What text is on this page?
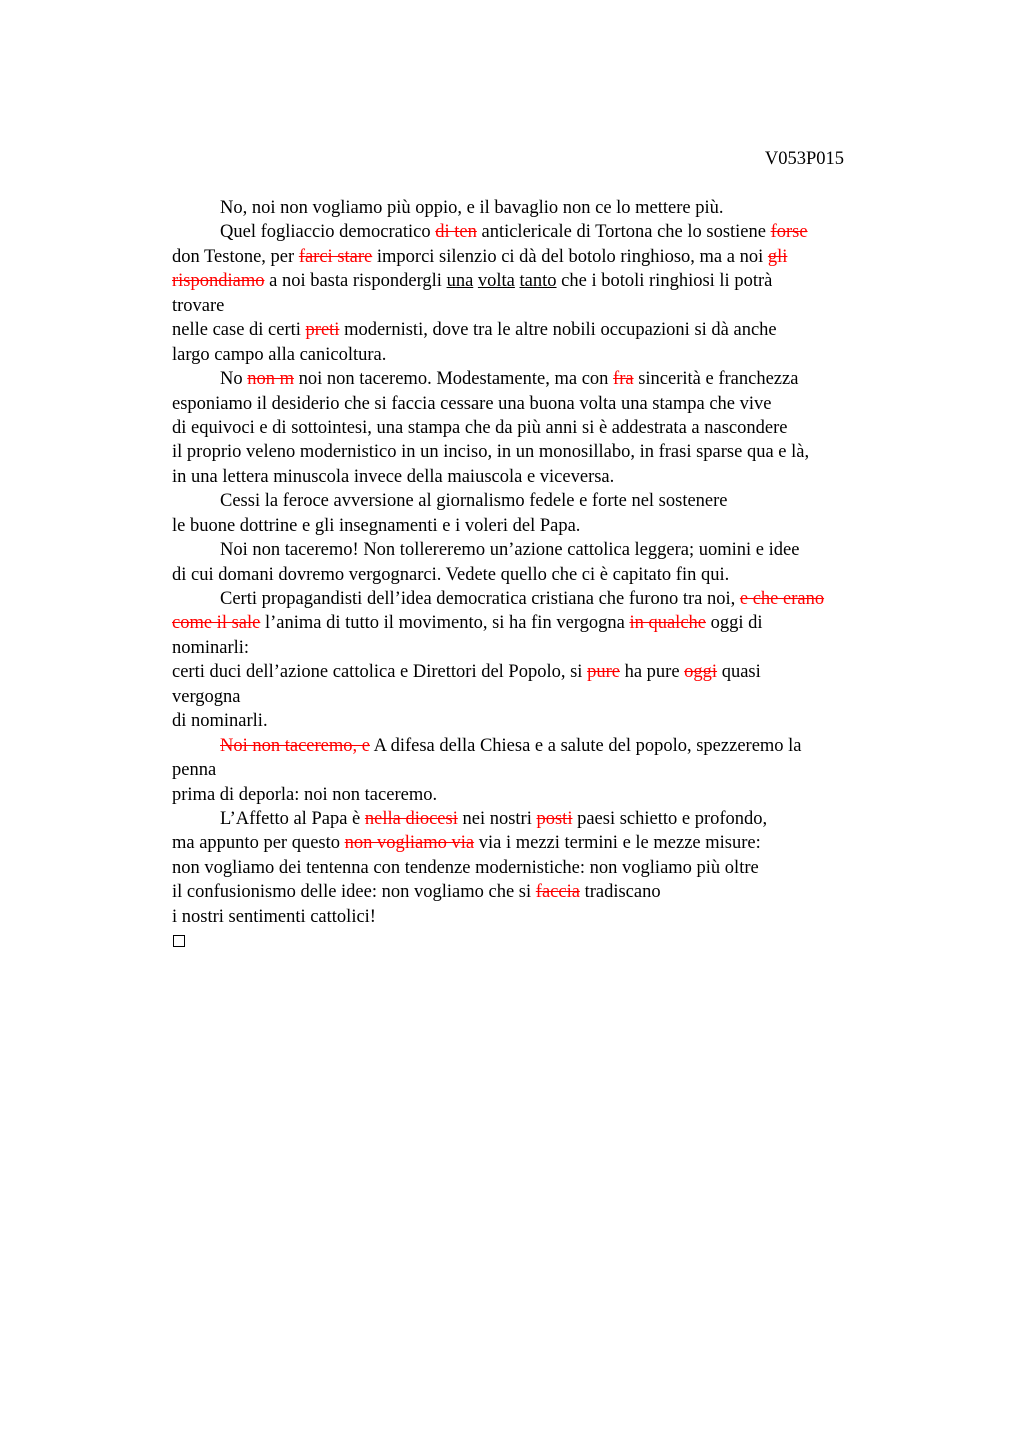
V053P015
No, noi non vogliamo più oppio, e il bavaglio non ce lo mettere più.
Quel fogliaccio democratico di ten anticlericale di Tortona che lo sostiene forse
don Testone, per farci stare imporci silenzio ci dà del botolo ringhioso, ma a noi gli
rispondiamo a noi basta rispondergli una volta tanto che i botoli ringhiosi li potrà
trovare
nelle case di certi preti modernisti, dove tra le altre nobili occupazioni si dà anche
largo campo alla canicoltura.
No non m noi non taceremo. Modestamente, ma con fra sincerità e franchezza
esponiamo il desiderio che si faccia cessare una buona volta una stampa che vive
di equivoci e di sottointesi, una stampa che da più anni si è addestrata a nascondere
il proprio veleno modernistico in un inciso, in un monosillabo, in frasi sparse qua e là,
in una lettera minuscola invece della maiuscola e viceversa.
Cessi la feroce avversione al giornalismo fedele e forte nel sostenere
le buone dottrine e gli insegnamenti e i voleri del Papa.
Noi non taceremo! Non tollereremo un’azione cattolica leggera; uomini e idee
di cui domani dovremo vergognarci. Vedete quello che ci è capitato fin qui.
Certi propagandisti dell’idea democratica cristiana che furono tra noi, e che erano
come il sale l’anima di tutto il movimento, si ha fin vergogna in qualche oggi di
nominarli:
certi duci dell’azione cattolica e Direttori del Popolo, si pure ha pure oggi quasi
vergogna
di nominarli.
Noi non taceremo, e A difesa della Chiesa e a salute del popolo, spezzeremo la
penna
prima di deporla: noi non taceremo.
L’Affetto al Papa è nella diocesi nei nostri posti paesi schietto e profondo,
ma appunto per questo non vogliamo via via i mezzi termini e le mezze misure:
non vogliamo dei tentenna con tendenze modernistiche: non vogliamo più oltre
il confusionismo delle idee: non vogliamo che si faccia tradiscano
i nostri sentimenti cattolici!
